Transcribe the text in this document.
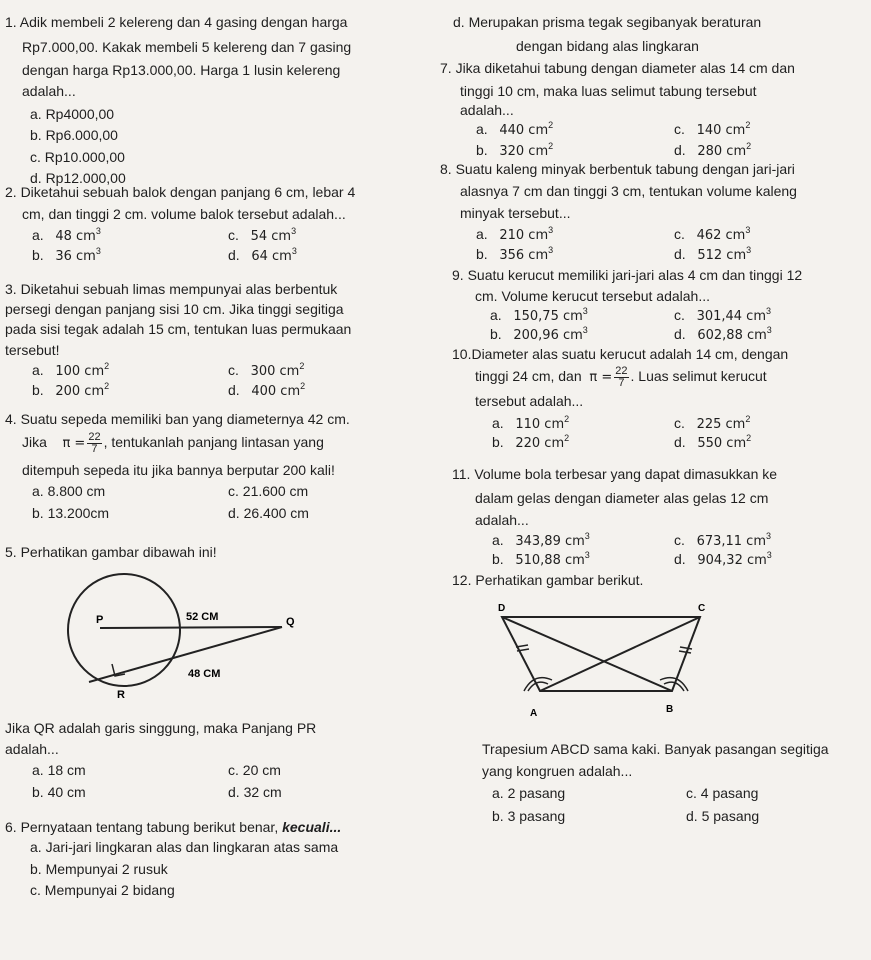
1. Adik membeli 2 kelereng dan 4 gasing dengan harga
Rp7.000,00. Kakak membeli 5 kelereng dan 7 gasing
dengan harga Rp13.000,00. Harga 1 lusin kelereng
adalah...
a. Rp4000,00
b. Rp6.000,00
c. Rp10.000,00
d. Rp12.000,00
2. Diketahui sebuah balok dengan panjang 6 cm, lebar 4
cm, dan tinggi 2 cm. volume balok tersebut adalah...
a. 48 $cm^3$
b. 36 $cm^3$
c. 54 $cm^3$
d. 64 $cm^3$
3. Diketahui sebuah limas mempunyai alas berbentuk
persegi dengan panjang sisi 10 cm. Jika tinggi segitiga
pada sisi tegak adalah 15 cm, tentukan luas permukaan
tersebut!
a. 100 $cm^2$
b. 200 $cm^2$
c. 300 $cm^2$
d. 400 $cm^2$
4. Suatu sepeda memiliki ban yang diameternya 42 cm.
Jika $\pi = \frac{22}{7}$ , tentukanlah panjang lintasan yang
ditempuh sepeda itu jika bannya berputar 200 kali!
a. 8.800 cm
b. 13.200cm
c. 21.600 cm
d. 26.400 cm
5. Perhatikan gambar dibawah ini!
P	52 CM	Q
48 CM
R
Jika QR adalah garis singgung, maka Panjang PR
adalah...
a. 18 cm
b. 40 cm
c. 20 cm
d. 32 cm
6. Pernyataan tentang tabung berikut benar, kecuali...
a. Jari-jari lingkaran alas dan lingkaran atas sama
b. Mempunyai 2 rusuk
c. Mempunyai 2 bidang
d. Merupakan prisma tegak segibanyak beraturan
dengan bidang alas lingkaran
7. Jika diketahui tabung dengan diameter alas 14 cm dan
tinggi 10 cm, maka luas selimut tabung tersebut
adalah...
a. 440 $cm^2$
b. 320 $cm^2$
c. 140 $cm^2$
d. 280 $cm^2$
8. Suatu kaleng minyak berbentuk tabung dengan jari-jari
alasnya 7 cm dan tinggi 3 cm, tentukan volume kaleng
minyak tersebut...
a. 210 $cm^3$
b. 356 $cm^3$
c. 462 $cm^3$
d. 512 $cm^3$
9. Suatu kerucut memiliki jari-jari alas 4 cm dan tinggi 12
cm. Volume kerucut tersebut adalah...
a. 150,75 $cm^3$
b. 200,96 $cm^3$
c. 301,44 $cm^3$
d. 602,88 $cm^3$
10.Diameter alas suatu kerucut adalah 14 cm, dengan
tinggi 24 cm, dan $\pi = \frac{22}{7}$ . Luas selimut kerucut
tersebut adalah...
a. 110 $cm^2$
b. 220 $cm^2$
c. 225 $cm^2$
d. 550 $cm^2$
11. Volume bola terbesar yang dapat dimasukkan ke
dalam gelas dengan diameter alas gelas 12 cm
adalah...
a. 343,89 $cm^3$
b. 510,88 $cm^3$
c. 673,11 $cm^3$
d. 904,32 $cm^3$
12. Perhatikan gambar berikut.
D	C
A	B
Trapesium ABCD sama kaki. Banyak pasangan segitiga
yang kongruen adalah...
a. 2 pasang
b. 3 pasang
c. 4 pasang
d. 5 pasang
